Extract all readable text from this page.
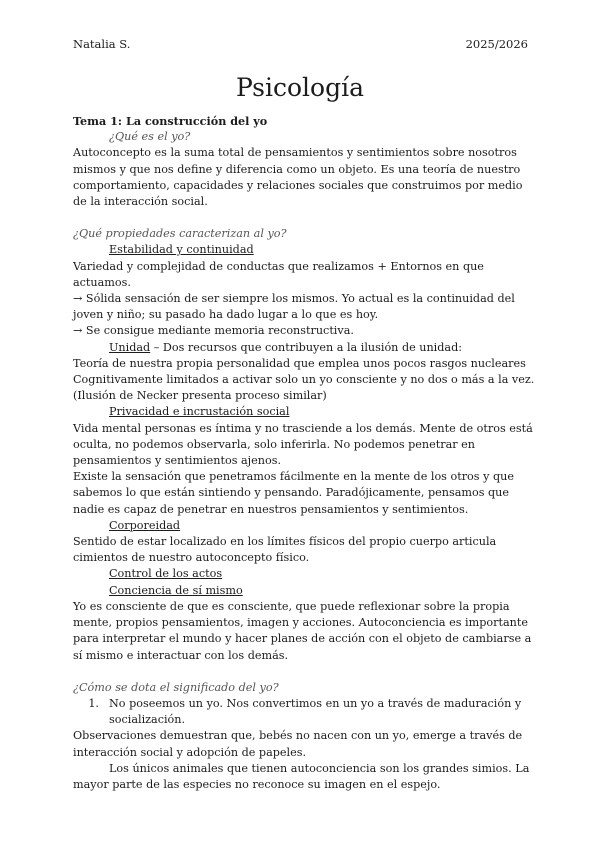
Natalia S.	2025/2026
Psicología

Tema 1: La construcción del yo

¿Qué es el yo?

Autoconcepto es la suma total de pensamientos y sentimientos sobre nosotros mismos y que nos define y diferencia como un objeto. Es una teoría de nuestro comportamiento, capacidades y relaciones sociales que construimos por medio de la interacción social.

¿Qué propiedades caracterizan al yo?

Estabilidad y continuidad

Variedad y complejidad de conductas que realizamos + Entornos en que actuamos.

→ Sólida sensación de ser siempre los mismos. Yo actual es la continuidad del joven y niño; su pasado ha dado lugar a lo que es hoy.

→ Se consigue mediante memoria reconstructiva.

Unidad – Dos recursos que contribuyen a la ilusión de unidad:

Teoría de nuestra propia personalidad que emplea unos pocos rasgos nucleares

Cognitivamente limitados a activar solo un yo consciente y no dos o más a la vez.

(Ilusión de Necker presenta proceso similar)

Privacidad e incrustación social

Vida mental personas es íntima y no trasciende a los demás. Mente de otros está oculta, no podemos observarla, solo inferirla. No podemos penetrar en pensamientos y sentimientos ajenos.

Existe la sensación que penetramos fácilmente en la mente de los otros y que sabemos lo que están sintiendo y pensando. Paradójicamente, pensamos que nadie es capaz de penetrar en nuestros pensamientos y sentimientos.

Corporeidad

Sentido de estar localizado en los límites físicos del propio cuerpo articula cimientos de nuestro autoconcepto físico.

Control de los actos

Conciencia de sí mismo

Yo es consciente de que es consciente, que puede reflexionar sobre la propia mente, propios pensamientos, imagen y acciones. Autoconciencia es importante para interpretar el mundo y hacer planes de acción con el objeto de cambiarse a sí mismo e interactuar con los demás.

¿Cómo se dota el significado del yo?

1. No poseemos un yo. Nos convertimos en un yo a través de maduración y socialización.

Observaciones demuestran que, bebés no nacen con un yo, emerge a través de interacción social y adopción de papeles.

Los únicos animales que tienen autoconciencia son los grandes simios. La mayor parte de las especies no reconoce su imagen en el espejo.
